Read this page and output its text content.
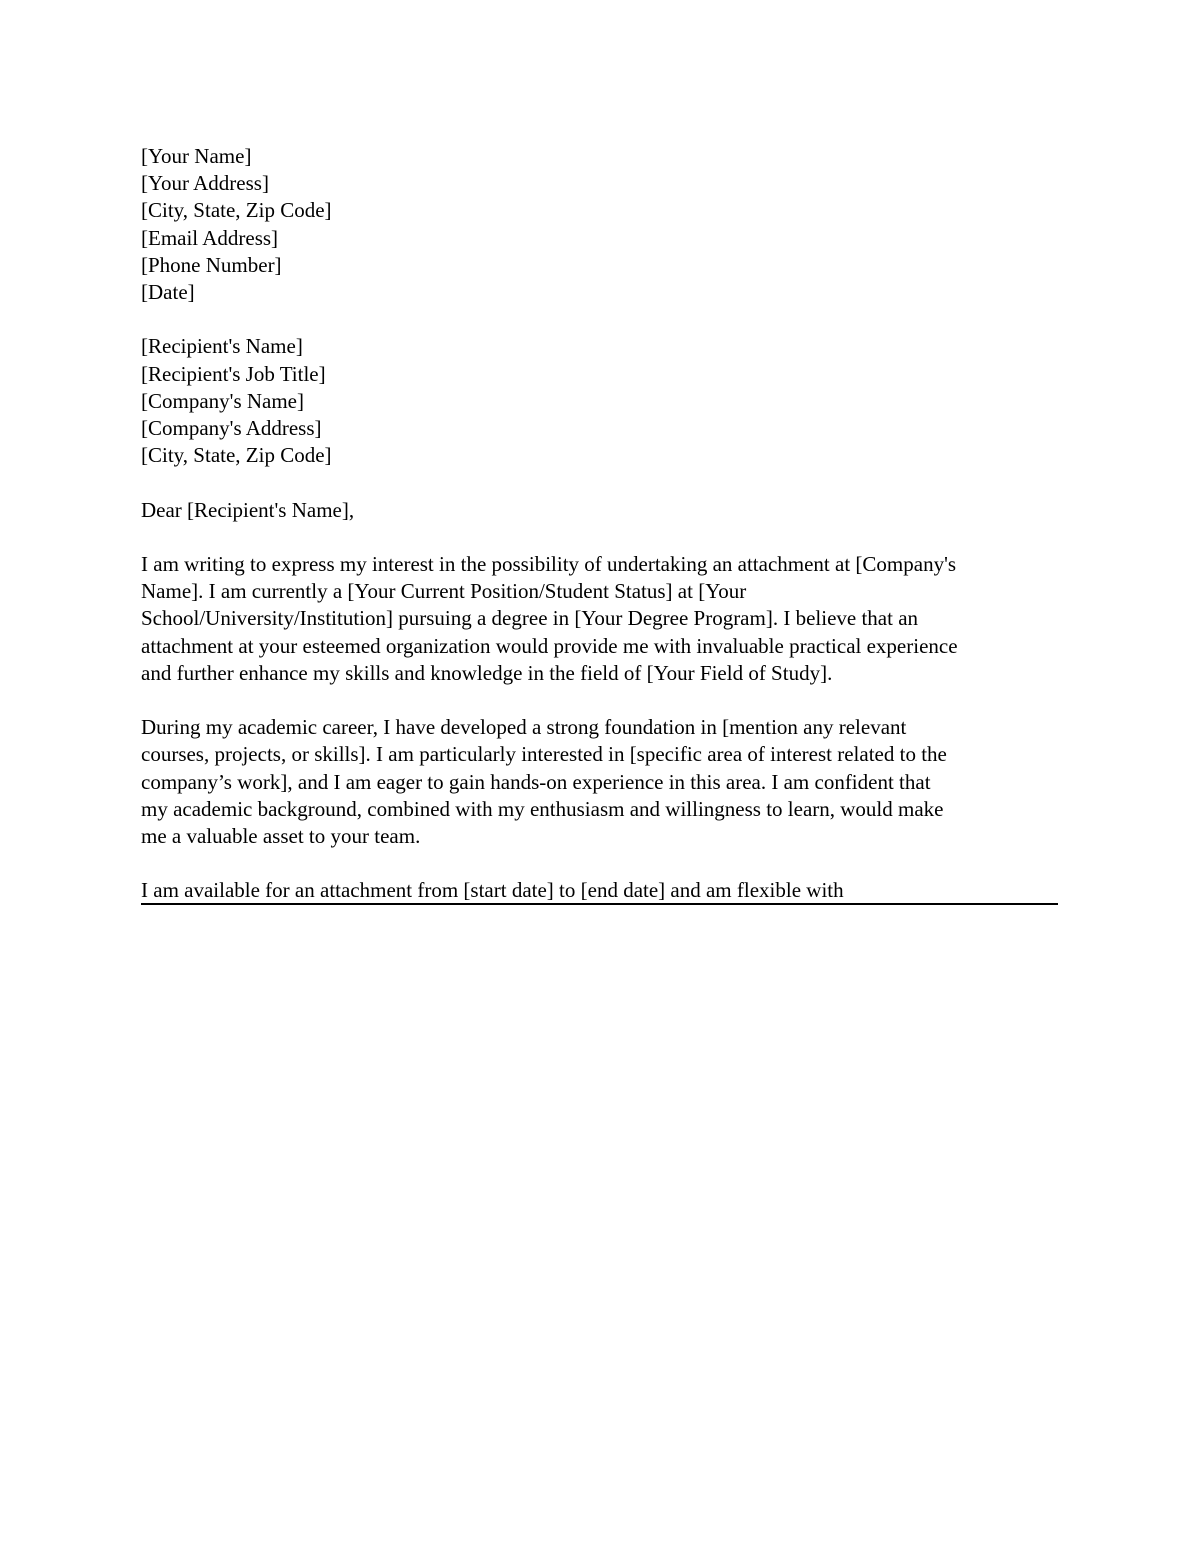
[Your Name]
[Your Address]
[City, State, Zip Code]
[Email Address]
[Phone Number]
[Date]
[Recipient's Name]
[Recipient's Job Title]
[Company's Name]
[Company's Address]
[City, State, Zip Code]
Dear [Recipient's Name],
I am writing to express my interest in the possibility of undertaking an attachment at [Company's
Name]. I am currently a [Your Current Position/Student Status] at [Your
School/University/Institution] pursuing a degree in [Your Degree Program]. I believe that an
attachment at your esteemed organization would provide me with invaluable practical experience
and further enhance my skills and knowledge in the field of [Your Field of Study].
During my academic career, I have developed a strong foundation in [mention any relevant
courses, projects, or skills]. I am particularly interested in [specific area of interest related to the
company’s work], and I am eager to gain hands-on experience in this area. I am confident that
my academic background, combined with my enthusiasm and willingness to learn, would make
me a valuable asset to your team.
I am available for an attachment from [start date] to [end date] and am flexible with
